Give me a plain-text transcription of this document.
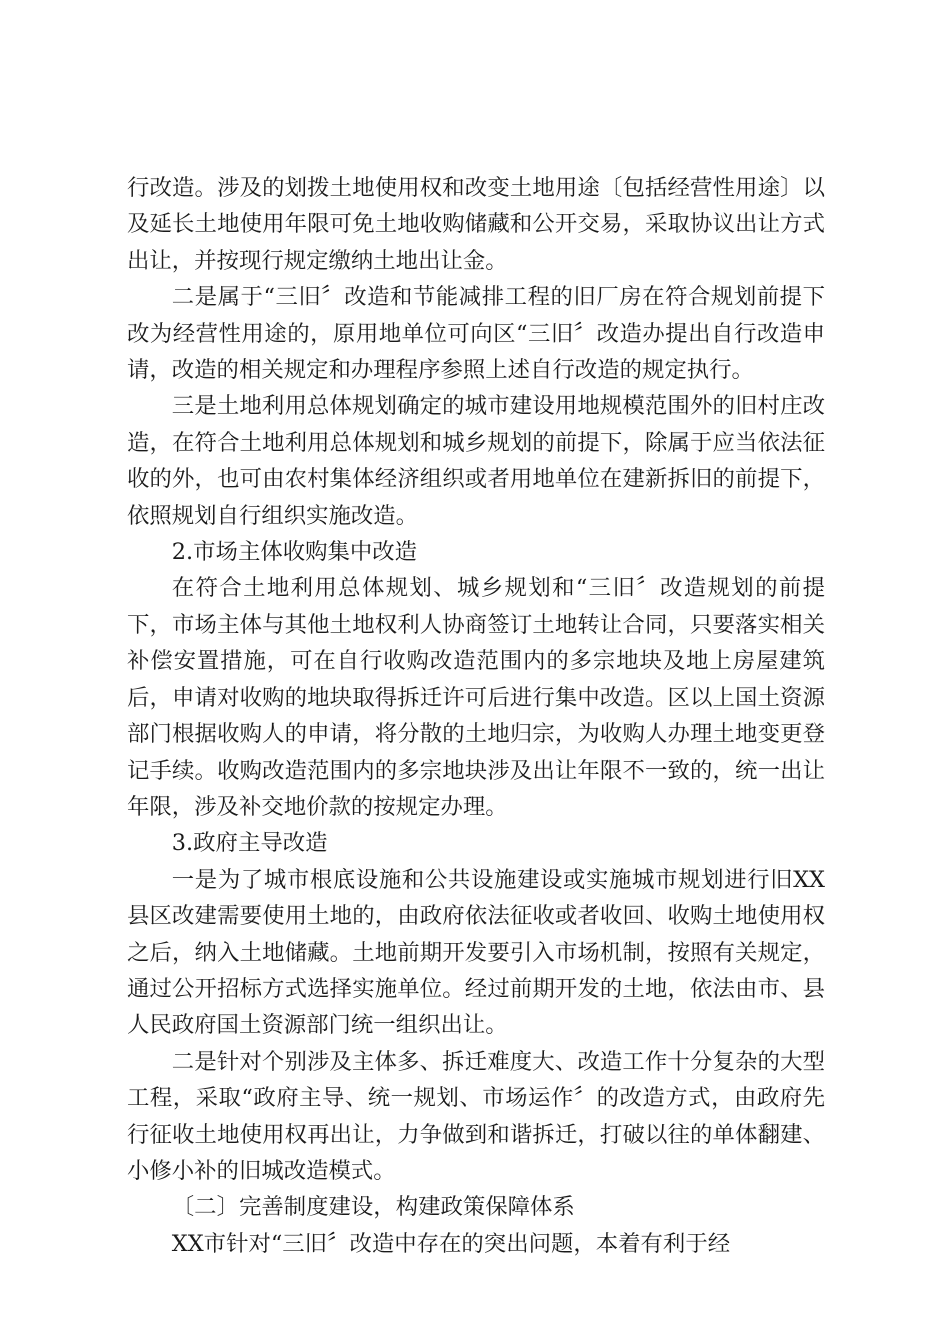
行改造。涉及的划拨土地使用权和改变土地用途〔包括经营性用途〕以及延长土地使用年限可免土地收购储藏和公开交易，采取协议出让方式出让，并按现行规定缴纳土地出让金。

二是属于“三旧〞改造和节能减排工程的旧厂房在符合规划前提下改为经营性用途的，原用地单位可向区“三旧〞改造办提出自行改造申请，改造的相关规定和办理程序参照上述自行改造的规定执行。

三是土地利用总体规划确定的城市建设用地规模范围外的旧村庄改造，在符合土地利用总体规划和城乡规划的前提下，除属于应当依法征收的外，也可由农村集体经济组织或者用地单位在建新拆旧的前提下，依照规划自行组织实施改造。

2.市场主体收购集中改造

在符合土地利用总体规划、城乡规划和“三旧〞改造规划的前提下，市场主体与其他土地权利人协商签订土地转让合同，只要落实相关补偿安置措施，可在自行收购改造范围内的多宗地块及地上房屋建筑后，申请对收购的地块取得拆迁许可后进行集中改造。区以上国土资源部门根据收购人的申请，将分散的土地归宗，为收购人办理土地变更登记手续。收购改造范围内的多宗地块涉及出让年限不一致的，统一出让年限，涉及补交地价款的按规定办理。

3.政府主导改造

一是为了城市根底设施和公共设施建设或实施城市规划进行旧XX县区改建需要使用土地的，由政府依法征收或者收回、收购土地使用权之后，纳入土地储藏。土地前期开发要引入市场机制，按照有关规定，通过公开招标方式选择实施单位。经过前期开发的土地，依法由市、县人民政府国土资源部门统一组织出让。

二是针对个别涉及主体多、拆迁难度大、改造工作十分复杂的大型工程，采取“政府主导、统一规划、市场运作〞的改造方式，由政府先行征收土地使用权再出让，力争做到和谐拆迁，打破以往的单体翻建、小修小补的旧城改造模式。

〔二〕完善制度建设，构建政策保障体系

XX市针对“三旧〞改造中存在的突出问题，本着有利于经
